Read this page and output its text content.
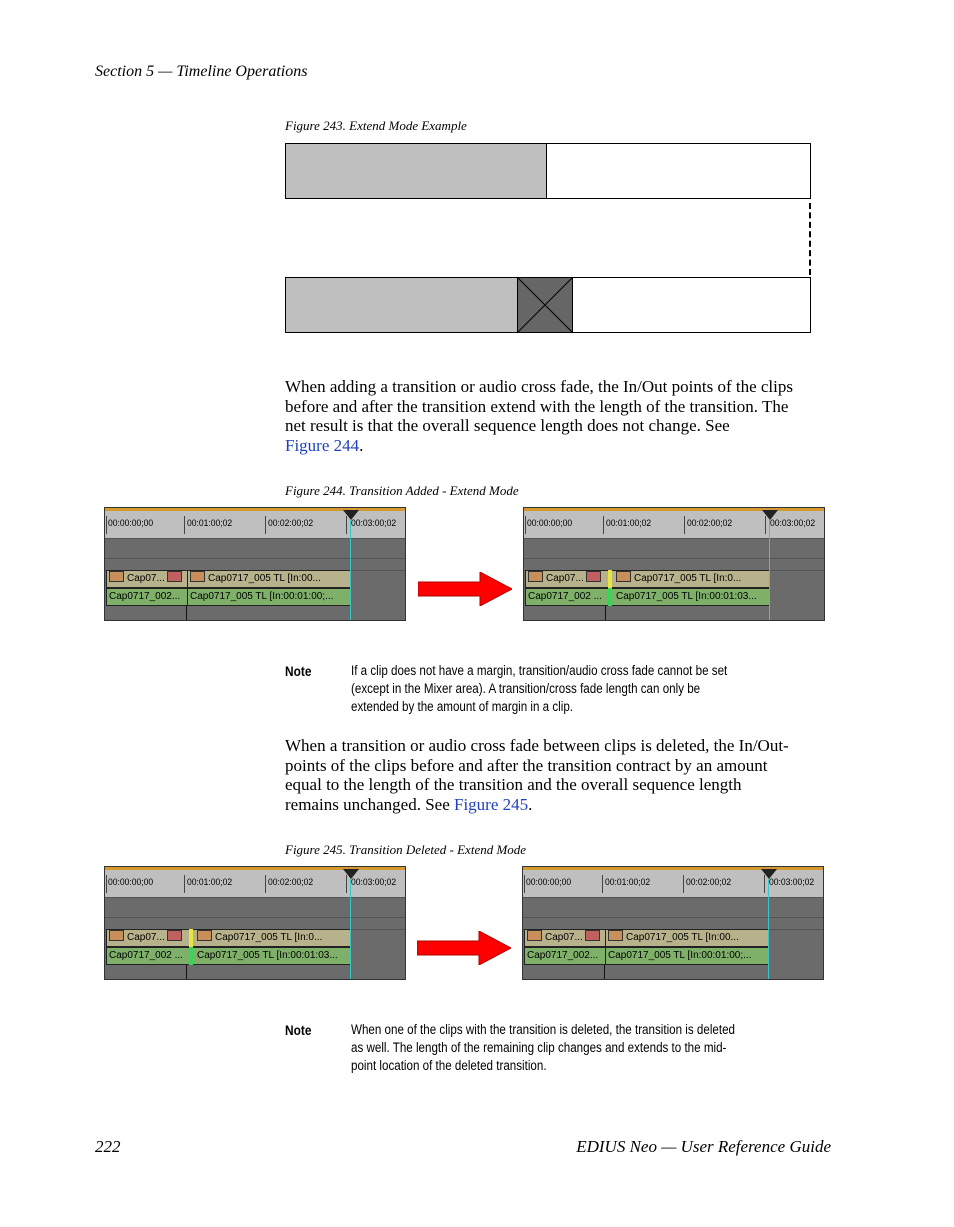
Section 5 — Timeline Operations
Figure 243. Extend Mode Example
When adding a transition or audio cross fade, the In/Out points of the clips
before and after the transition extend with the length of the transition. The
net result is that the overall sequence length does not change. See
Figure 244.
Figure 244. Transition Added - Extend Mode
00:00:00;00	00:01:00;02	00:02:00;02	00:03:00;02
Cap07...	Cap0717_005 TL [In:00...
Cap0717_002... Cap0717_005 TL [In:00:01:00;...
00:00:00;00	00:01:00;02	00:02:00;02	00:03:00;02
Cap07...	Cap0717_005 TL [In:0...
Cap0717_002 ...	Cap0717_005 TL [In:00:01:03...
Note	If a clip does not have a margin, transition/audio cross fade cannot be set
(except in the Mixer area). A transition/cross fade length can only be
extended by the amount of margin in a clip.
When a transition or audio cross fade between clips is deleted, the In/Out-
points of the clips before and after the transition contract by an amount
equal to the length of the transition and the overall sequence length
remains unchanged. See Figure 245.
Figure 245. Transition Deleted - Extend Mode
00:00:00;00	00:01:00;02	00:02:00;02	00:03:00;02
Cap07...	Cap0717_005 TL [In:0...
Cap0717_002 ...	Cap0717_005 TL [In:00:01:03...
00:00:00;00	00:01:00;02	00:02:00;02	00:03:00;02
Cap07...	Cap0717_005 TL [In:00...
Cap0717_002... Cap0717_005 TL [In:00:01:00;...
Note	When one of the clips with the transition is deleted, the transition is deleted
as well. The length of the remaining clip changes and extends to the mid-
point location of the deleted transition.
222	EDIUS Neo — User Reference Guide
